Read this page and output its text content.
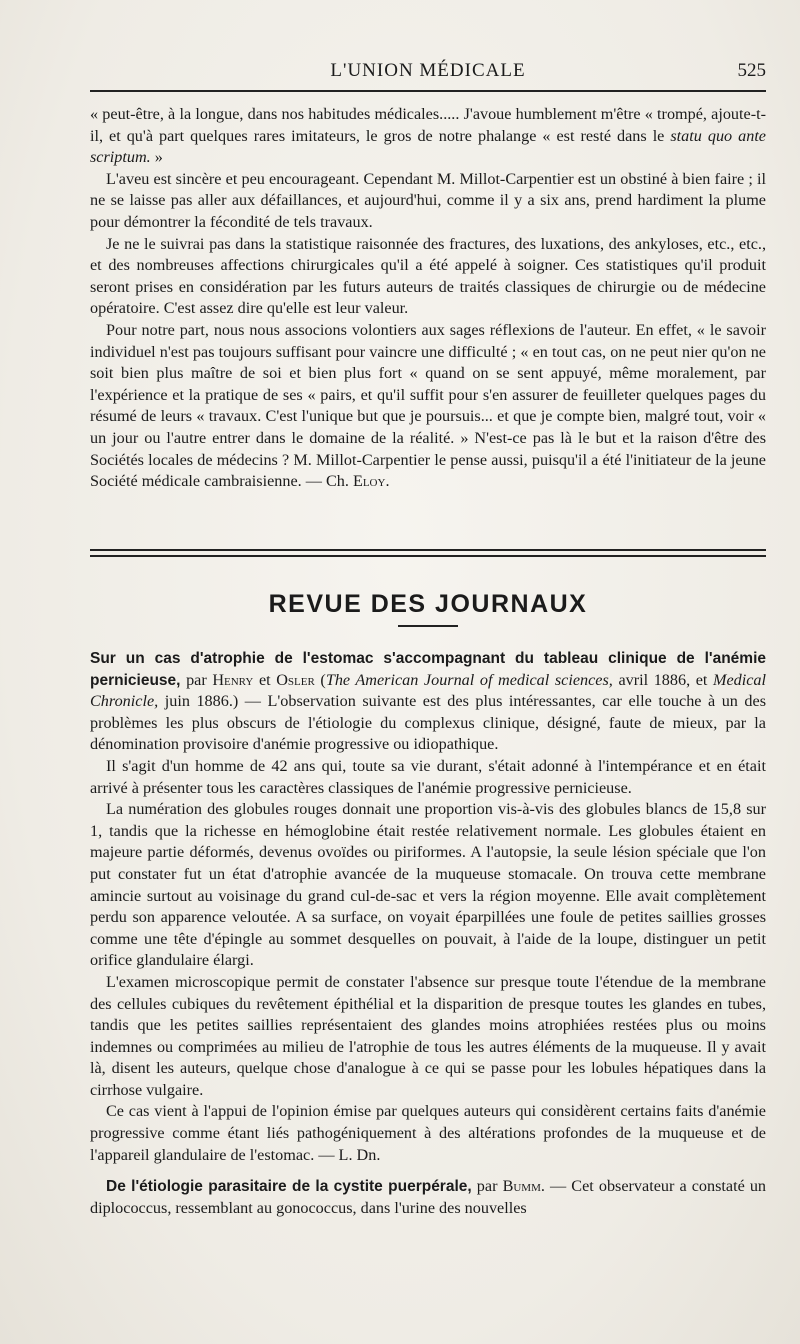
L'UNION MÉDICALE	525

« peut-être, à la longue, dans nos habitudes médicales..... J'avoue humblement m'être « trompé, ajoute-t-il, et qu'à part quelques rares imitateurs, le gros de notre phalange « est resté dans le statu quo ante scriptum. »

L'aveu est sincère et peu encourageant. Cependant M. Millot-Carpentier est un obstiné à bien faire ; il ne se laisse pas aller aux défaillances, et aujourd'hui, comme il y a six ans, prend hardiment la plume pour démontrer la fécondité de tels travaux.

Je ne le suivrai pas dans la statistique raisonnée des fractures, des luxations, des ankyloses, etc., etc., et des nombreuses affections chirurgicales qu'il a été appelé à soigner. Ces statistiques qu'il produit seront prises en considération par les futurs auteurs de traités classiques de chirurgie ou de médecine opératoire. C'est assez dire qu'elle est leur valeur.

Pour notre part, nous nous associons volontiers aux sages réflexions de l'auteur. En effet, « le savoir individuel n'est pas toujours suffisant pour vaincre une difficulté ; « en tout cas, on ne peut nier qu'on ne soit bien plus maître de soi et bien plus fort « quand on se sent appuyé, même moralement, par l'expérience et la pratique de ses « pairs, et qu'il suffit pour s'en assurer de feuilleter quelques pages du résumé de leurs « travaux. C'est l'unique but que je poursuis... et que je compte bien, malgré tout, voir « un jour ou l'autre entrer dans le domaine de la réalité. » N'est-ce pas là le but et la raison d'être des Sociétés locales de médecins ? M. Millot-Carpentier le pense aussi, puisqu'il a été l'initiateur de la jeune Société médicale cambraisienne. — Ch. Eloy.

REVUE DES JOURNAUX

Sur un cas d'atrophie de l'estomac s'accompagnant du tableau clinique de l'anémie pernicieuse, par Henry et Osler (The American Journal of medical sciences, avril 1886, et Medical Chronicle, juin 1886.) — L'observation suivante est des plus intéressantes, car elle touche à un des problèmes les plus obscurs de l'étiologie du complexus clinique, désigné, faute de mieux, par la dénomination provisoire d'anémie progressive ou idiopathique.

Il s'agit d'un homme de 42 ans qui, toute sa vie durant, s'était adonné à l'intempérance et en était arrivé à présenter tous les caractères classiques de l'anémie progressive pernicieuse.

La numération des globules rouges donnait une proportion vis-à-vis des globules blancs de 15,8 sur 1, tandis que la richesse en hémoglobine était restée relativement normale. Les globules étaient en majeure partie déformés, devenus ovoïdes ou piriformes. A l'autopsie, la seule lésion spéciale que l'on put constater fut un état d'atrophie avancée de la muqueuse stomacale. On trouva cette membrane amincie surtout au voisinage du grand cul-de-sac et vers la région moyenne. Elle avait complètement perdu son apparence veloutée. A sa surface, on voyait éparpillées une foule de petites saillies grosses comme une tête d'épingle au sommet desquelles on pouvait, à l'aide de la loupe, distinguer un petit orifice glandulaire élargi.

L'examen microscopique permit de constater l'absence sur presque toute l'étendue de la membrane des cellules cubiques du revêtement épithélial et la disparition de presque toutes les glandes en tubes, tandis que les petites saillies représentaient des glandes moins atrophiées restées plus ou moins indemnes ou comprimées au milieu de l'atrophie de tous les autres éléments de la muqueuse. Il y avait là, disent les auteurs, quelque chose d'analogue à ce qui se passe pour les lobules hépatiques dans la cirrhose vulgaire.

Ce cas vient à l'appui de l'opinion émise par quelques auteurs qui considèrent certains faits d'anémie progressive comme étant liés pathogéniquement à des altérations profondes de la muqueuse et de l'appareil glandulaire de l'estomac. — L. Dn.

De l'étiologie parasitaire de la cystite puerpérale, par Bumm. — Cet observateur a constaté un diplococcus, ressemblant au gonococcus, dans l'urine des nouvelles
